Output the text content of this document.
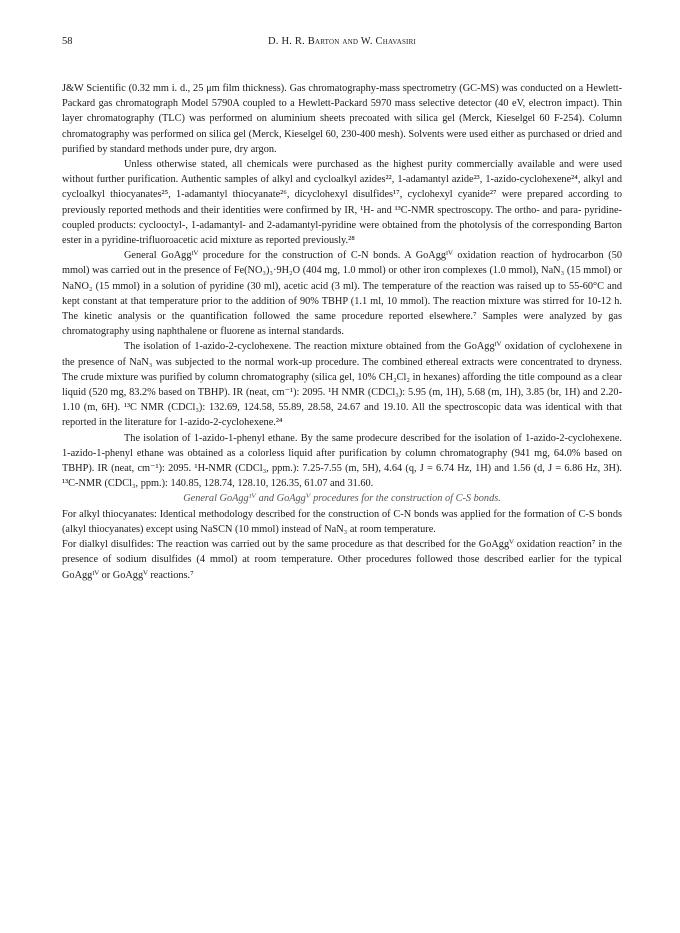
58	D. H. R. Barton and W. Chavasiri

J&W Scientific (0.32 mm i. d., 25 μm film thickness). Gas chromatography-mass spectrometry (GC-MS) was conducted on a Hewlett-Packard gas chromatograph Model 5790A coupled to a Hewlett-Packard 5970 mass selective detector (40 eV, electron impact). Thin layer chromatography (TLC) was performed on aluminium sheets precoated with silica gel (Merck, Kieselgel 60 F-254). Column chromatography was performed on silica gel (Merck, Kieselgel 60, 230-400 mesh). Solvents were used either as purchased or dried and purified by standard methods under pure, dry argon.

Unless otherwise stated, all chemicals were purchased as the highest purity commercially available and were used without further purification. Authentic samples of alkyl and cycloalkyl azides²², 1-adamantyl azide²³, 1-azido-cyclohexene²⁴, alkyl and cycloalkyl thiocyanates²⁵, 1-adamantyl thiocyanate²⁶, dicyclohexyl disulfides¹⁷, cyclohexyl cyanide²⁷ were prepared according to previously reported methods and their identities were confirmed by IR, ¹H- and ¹³C-NMR spectroscopy. The ortho- and para- pyridine-coupled products: cyclooctyl-, 1-adamantyl- and 2-adamantyl-pyridine were obtained from the photolysis of the corresponding Barton ester in a pyridine-trifluoroacetic acid mixture as reported previously.²⁸

General GoAggᴵⱽ procedure for the construction of C-N bonds. A GoAggᴵⱽ oxidation reaction of hydrocarbon (50 mmol) was carried out in the presence of Fe(NO₃)₃·9H₂O (404 mg, 1.0 mmol) or other iron complexes (1.0 mmol), NaN₃ (15 mmol) or NaNO₂ (15 mmol) in a solution of pyridine (30 ml), acetic acid (3 ml). The temperature of the reaction was raised up to 55-60°C and kept constant at that temperature prior to the addition of 90% TBHP (1.1 ml, 10 mmol). The reaction mixture was stirred for 10-12 h. The kinetic analysis or the quantification followed the same procedure reported elsewhere.⁷ Samples were analyzed by gas chromatography using naphthalene or fluorene as internal standards.

The isolation of 1-azido-2-cyclohexene. The reaction mixture obtained from the GoAggᴵⱽ oxidation of cyclohexene in the presence of NaN₃ was subjected to the normal work-up procedure. The combined ethereal extracts were concentrated to dryness. The crude mixture was purified by column chromatography (silica gel, 10% CH₂Cl₂ in hexanes) affording the title compound as a clear liquid (520 mg, 83.2% based on TBHP). IR (neat, cm⁻¹): 2095. ¹H NMR (CDCl₃): 5.95 (m, 1H), 5.68 (m, 1H), 3.85 (br, 1H) and 2.20-1.10 (m, 6H). ¹³C NMR (CDCl₃): 132.69, 124.58, 55.89, 28.58, 24.67 and 19.10. All the spectroscopic data was identical with that reported in the literature for 1-azido-2-cyclohexene.²⁴

The isolation of 1-azido-1-phenyl ethane. By the same prodecure described for the isolation of 1-azido-2-cyclohexene. 1-azido-1-phenyl ethane was obtained as a colorless liquid after purification by column chromatography (941 mg, 64.0% based on TBHP). IR (neat, cm⁻¹): 2095. ¹H-NMR (CDCl₃, ppm.): 7.25-7.55 (m, 5H), 4.64 (q, J = 6.74 Hz, 1H) and 1.56 (d, J = 6.86 Hz, 3H). ¹³C-NMR (CDCl₃, ppm.): 140.85, 128.74, 128.10, 126.35, 61.07 and 31.60.

General GoAggᴵⱽ and GoAggⱽ procedures for the construction of C-S bonds.

For alkyl thiocyanates: Identical methodology described for the construction of C-N bonds was applied for the formation of C-S bonds (alkyl thiocyanates) except using NaSCN (10 mmol) instead of NaN₃ at room temperature.

For dialkyl disulfides: The reaction was carried out by the same procedure as that described for the GoAggⱽ oxidation reaction⁷ in the presence of sodium disulfides (4 mmol) at room temperature. Other procedures followed those described earlier for the typical GoAggᴵⱽ or GoAggⱽ reactions.⁷
